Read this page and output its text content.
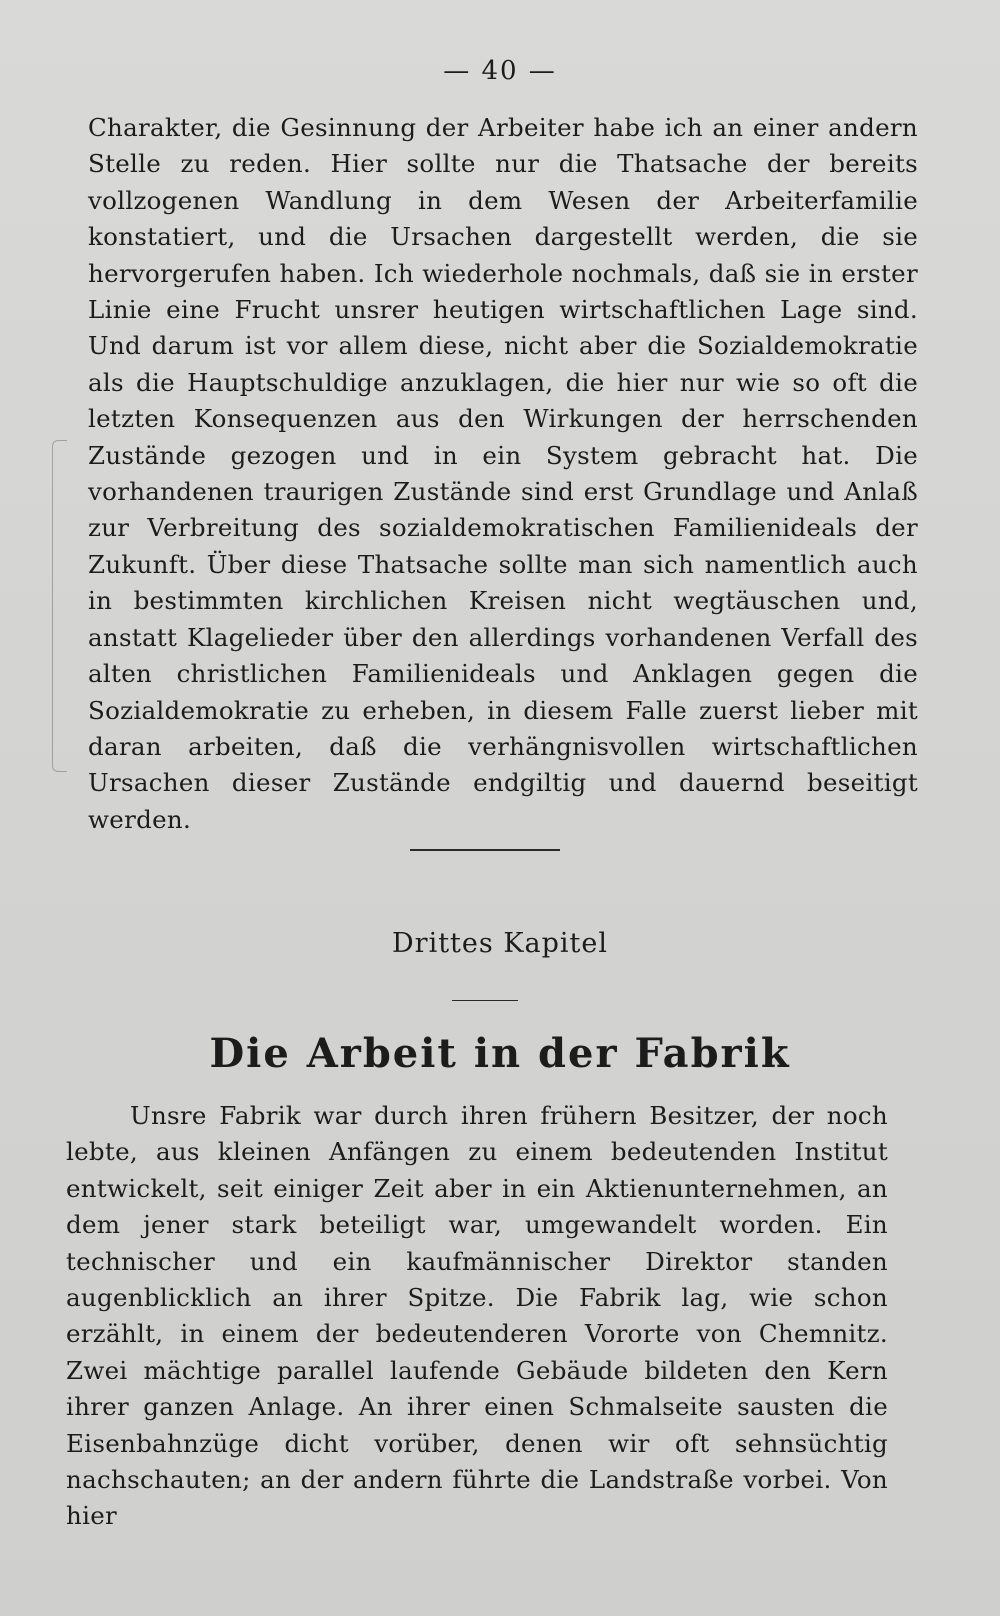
— 40 —

Charakter, die Gesinnung der Arbeiter habe ich an einer andern Stelle zu reden. Hier sollte nur die Thatsache der bereits vollzogenen Wandlung in dem Wesen der Arbeiterfamilie konstatiert, und die Ursachen dargestellt werden, die sie hervorgerufen haben. Ich wiederhole nochmals, daß sie in erster Linie eine Frucht unsrer heutigen wirtschaftlichen Lage sind. Und darum ist vor allem diese, nicht aber die Sozialdemokratie als die Hauptschuldige anzuklagen, die hier nur wie so oft die letzten Konsequenzen aus den Wirkungen der herrschenden Zustände gezogen und in ein System gebracht hat. Die vorhandenen traurigen Zustände sind erst Grundlage und Anlaß zur Verbreitung des sozialdemokratischen Familienideals der Zukunft. Über diese Thatsache sollte man sich namentlich auch in bestimmten kirchlichen Kreisen nicht wegtäuschen und, anstatt Klagelieder über den allerdings vorhandenen Verfall des alten christlichen Familienideals und Anklagen gegen die Sozialdemokratie zu erheben, in diesem Falle zuerst lieber mit daran arbeiten, daß die verhängnisvollen wirtschaftlichen Ursachen dieser Zustände endgiltig und dauernd beseitigt werden.

Drittes Kapitel
Die Arbeit in der Fabrik

Unsre Fabrik war durch ihren frühern Besitzer, der noch lebte, aus kleinen Anfängen zu einem bedeutenden Institut entwickelt, seit einiger Zeit aber in ein Aktienunternehmen, an dem jener stark beteiligt war, umgewandelt worden. Ein technischer und ein kaufmännischer Direktor standen augenblicklich an ihrer Spitze. Die Fabrik lag, wie schon erzählt, in einem der bedeutenderen Vororte von Chemnitz. Zwei mächtige parallel laufende Gebäude bildeten den Kern ihrer ganzen Anlage. An ihrer einen Schmalseite sausten die Eisenbahnzüge dicht vorüber, denen wir oft sehnsüchtig nachschauten; an der andern führte die Landstraße vorbei. Von hier
